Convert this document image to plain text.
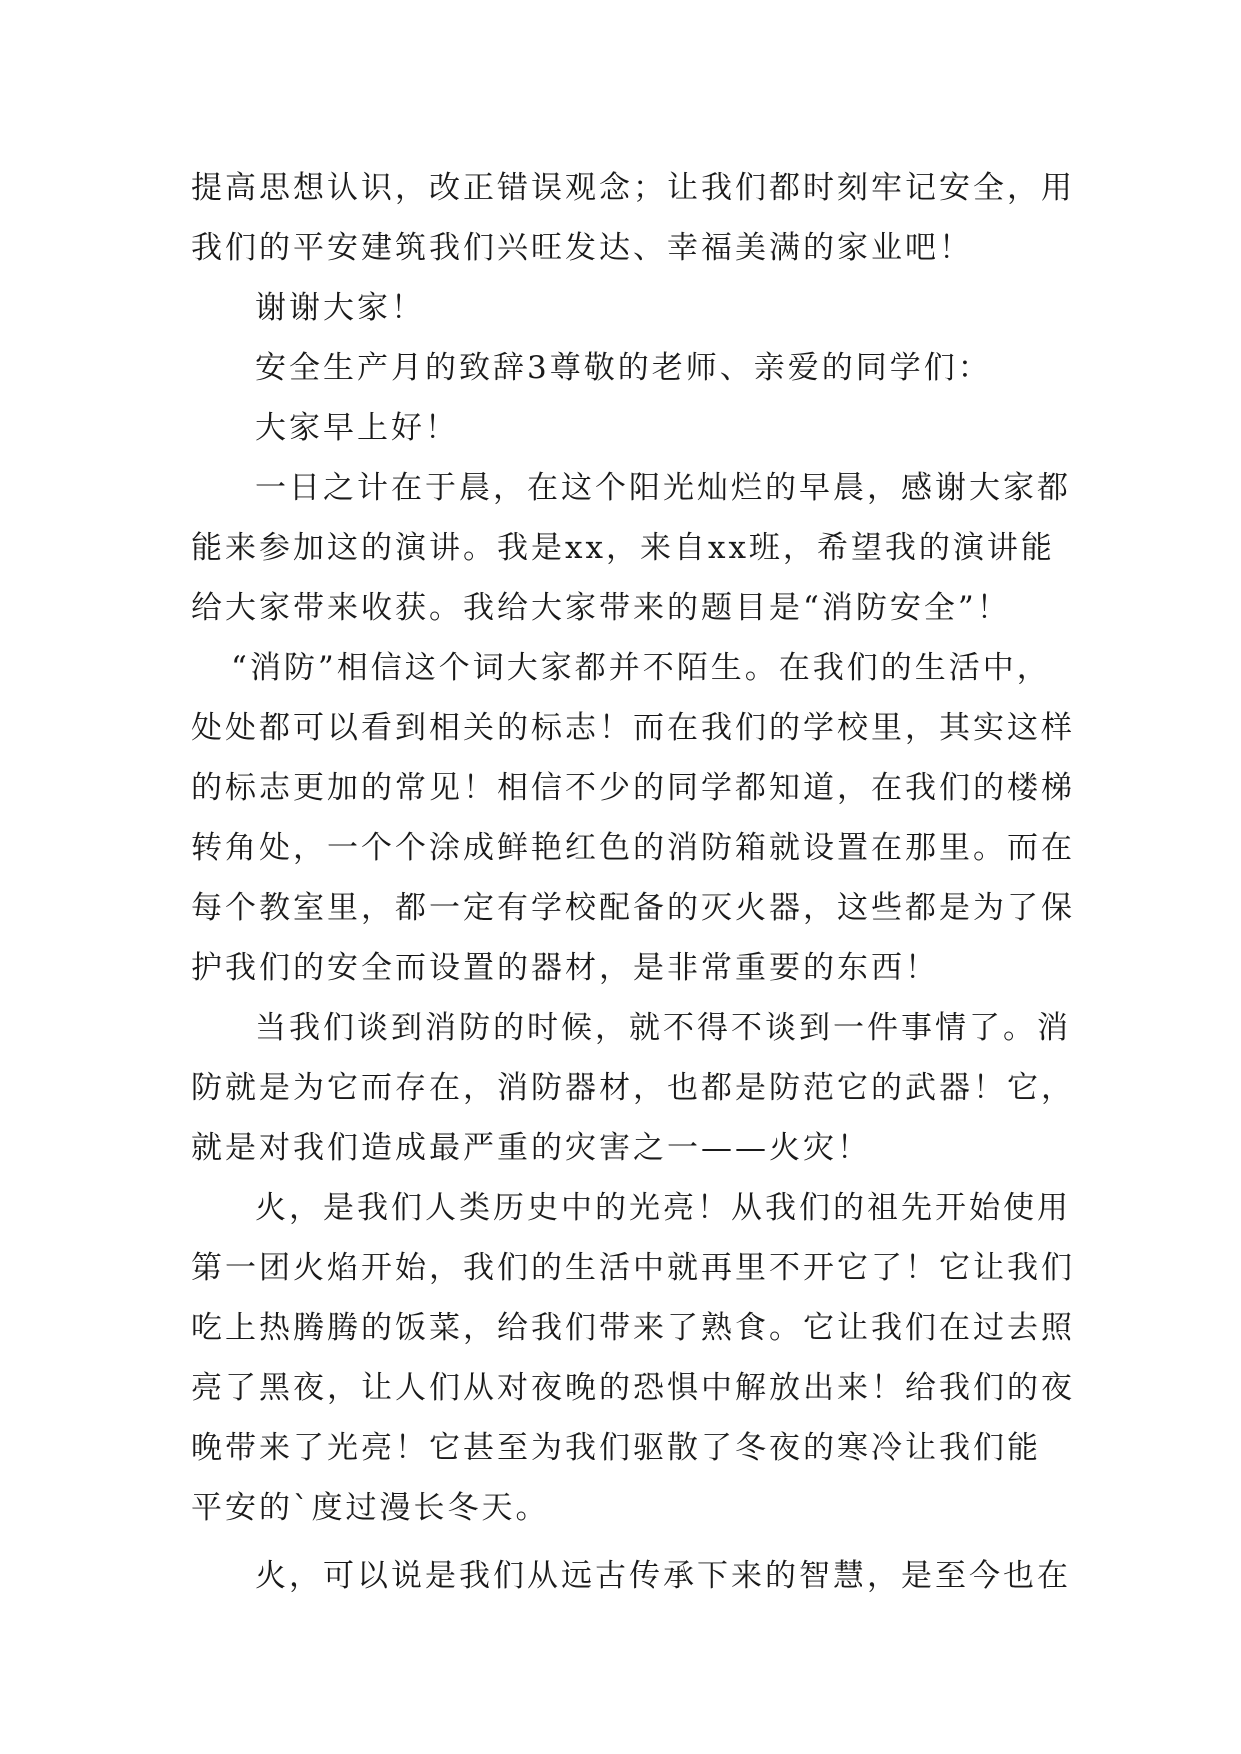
提高思想认识，改正错误观念；让我们都时刻牢记安全，用
我们的平安建筑我们兴旺发达、幸福美满的家业吧！
谢谢大家！
安全生产月的致辞3尊敬的老师、亲爱的同学们：
大家早上好！
一日之计在于晨，在这个阳光灿烂的早晨，感谢大家都
能来参加这的演讲。我是xx，来自xx班，希望我的演讲能
给大家带来收获。我给大家带来的题目是“消防安全”！
“消防”相信这个词大家都并不陌生。在我们的生活中，
处处都可以看到相关的标志！而在我们的学校里，其实这样
的标志更加的常见！相信不少的同学都知道，在我们的楼梯
转角处，一个个涂成鲜艳红色的消防箱就设置在那里。而在
每个教室里，都一定有学校配备的灭火器，这些都是为了保
护我们的安全而设置的器材，是非常重要的东西！
当我们谈到消防的时候，就不得不谈到一件事情了。消
防就是为它而存在，消防器材，也都是防范它的武器！它，
就是对我们造成最严重的灾害之一——火灾！
火，是我们人类历史中的光亮！从我们的祖先开始使用
第一团火焰开始，我们的生活中就再里不开它了！它让我们
吃上热腾腾的饭菜，给我们带来了熟食。它让我们在过去照
亮了黑夜，让人们从对夜晚的恐惧中解放出来！给我们的夜
晚带来了光亮！它甚至为我们驱散了冬夜的寒冷让我们能
平安的`度过漫长冬天。
火，可以说是我们从远古传承下来的智慧，是至今也在
